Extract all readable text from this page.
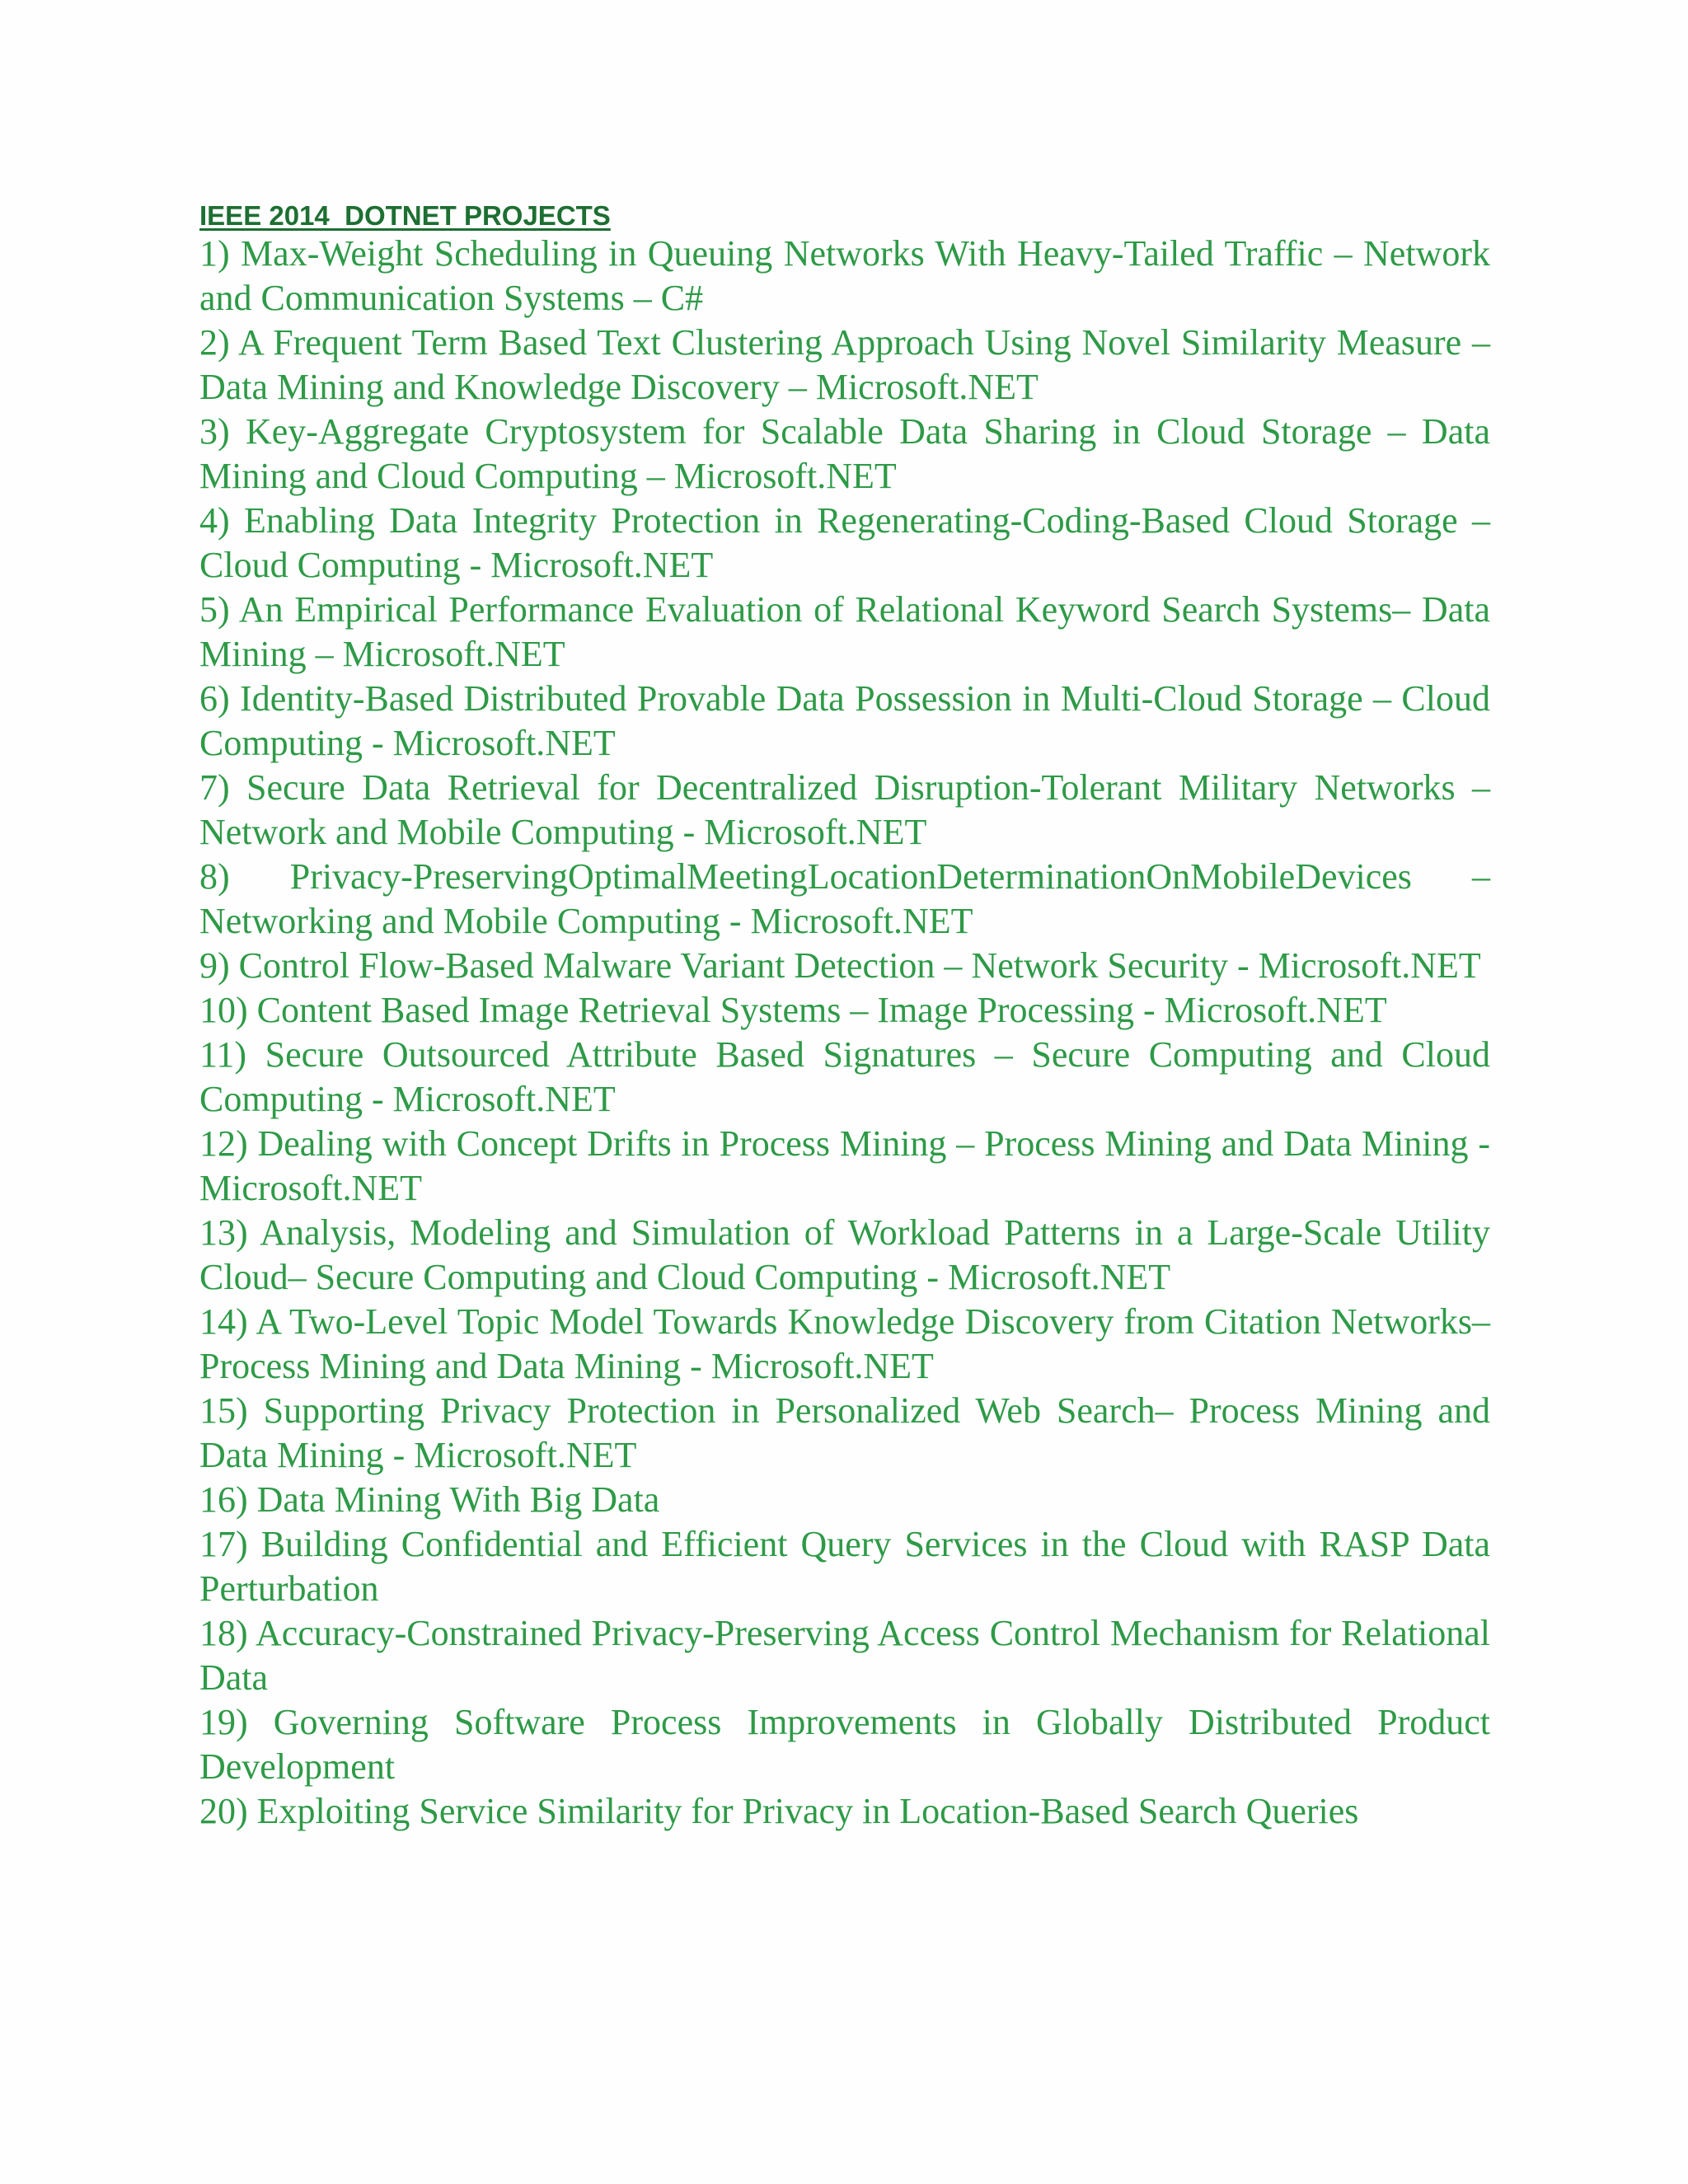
IEEE 2014  DOTNET PROJECTS
1) Max-Weight Scheduling in Queuing Networks With Heavy-Tailed Traffic – Network and Communication Systems – C#
2) A Frequent Term Based Text Clustering Approach Using Novel Similarity Measure – Data Mining and Knowledge Discovery – Microsoft.NET
3) Key-Aggregate Cryptosystem for Scalable Data Sharing in Cloud Storage – Data Mining and Cloud Computing – Microsoft.NET
4) Enabling Data Integrity Protection in Regenerating-Coding-Based Cloud Storage – Cloud Computing - Microsoft.NET
5) An Empirical Performance Evaluation of Relational Keyword Search Systems– Data Mining – Microsoft.NET
6) Identity-Based Distributed Provable Data Possession in Multi-Cloud Storage – Cloud Computing - Microsoft.NET
7) Secure Data Retrieval for Decentralized Disruption-Tolerant Military Networks – Network and Mobile Computing - Microsoft.NET
8) Privacy-PreservingOptimalMeetingLocationDeterminationOnMobileDevices – Networking and Mobile Computing - Microsoft.NET
9) Control Flow-Based Malware Variant Detection – Network Security - Microsoft.NET
10) Content Based Image Retrieval Systems – Image Processing - Microsoft.NET
11) Secure Outsourced Attribute Based Signatures – Secure Computing and Cloud Computing - Microsoft.NET
12) Dealing with Concept Drifts in Process Mining – Process Mining and Data Mining - Microsoft.NET
13) Analysis, Modeling and Simulation of Workload Patterns in a Large-Scale Utility Cloud– Secure Computing and Cloud Computing - Microsoft.NET
14) A Two-Level Topic Model Towards Knowledge Discovery from Citation Networks– Process Mining and Data Mining - Microsoft.NET
15) Supporting Privacy Protection in Personalized Web Search– Process Mining and Data Mining - Microsoft.NET
16) Data Mining With Big Data
17) Building Confidential and Efficient Query Services in the Cloud with RASP Data Perturbation
18) Accuracy-Constrained Privacy-Preserving Access Control Mechanism for Relational Data
19) Governing Software Process Improvements in Globally Distributed Product Development
20) Exploiting Service Similarity for Privacy in Location-Based Search Queries
